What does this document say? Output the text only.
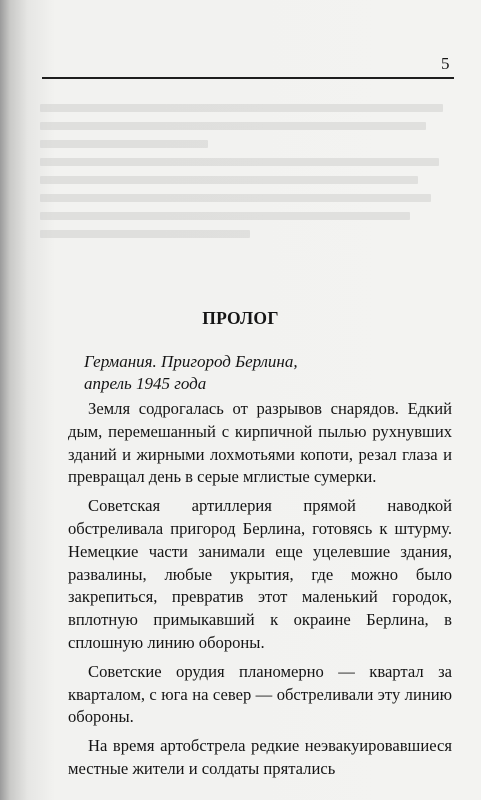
5
ПРОЛОГ
Германия. Пригород Берлина,
апрель 1945 года

Земля содрогалась от разрывов снарядов. Едкий дым, перемешанный с кирпичной пылью рухнувших зданий и жирными лохмотьями копоти, резал глаза и превращал день в серые мглистые сумерки.

Советская артиллерия прямой наводкой обстреливала пригород Берлина, готовясь к штурму. Немецкие части занимали еще уцелевшие здания, развалины, любые укрытия, где можно было закрепиться, превратив этот маленький городок, вплотную примыкавший к окраине Берлина, в сплошную линию обороны.

Советские орудия планомерно — квартал за кварталом, с юга на север — обстреливали эту линию обороны.

На время артобстрела редкие неэвакуировавшиеся местные жители и солдаты прятались
